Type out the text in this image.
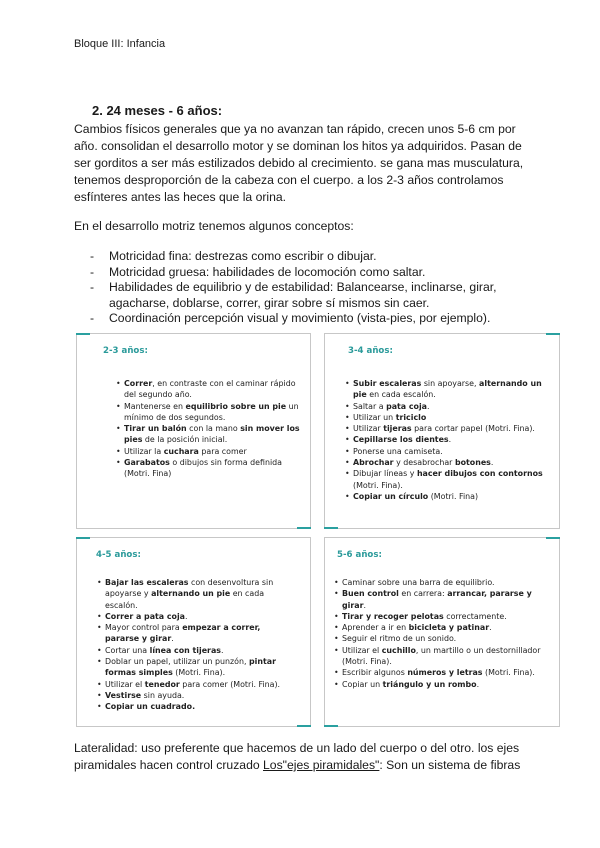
Bloque III: Infancia
2. 24 meses - 6 años:

Cambios físicos generales que ya no avanzan tan rápido, crecen unos 5-6 cm por año. consolidan el desarrollo motor y se dominan los hitos ya adquiridos. Pasan de ser gorditos a ser más estilizados debido al crecimiento. se gana mas musculatura, tenemos desproporción de la cabeza con el cuerpo. a los 2-3 años controlamos esfínteres antes las heces que la orina.

En el desarrollo motriz tenemos algunos conceptos:

- Motricidad fina: destrezas como escribir o dibujar.
- Motricidad gruesa: habilidades de locomoción como saltar.
- Habilidades de equilibrio y de estabilidad: Balancearse, inclinarse, girar, agacharse, doblarse, correr, girar sobre sí mismos sin caer.
- Coordinación percepción visual y movimiento (vista-pies, por ejemplo).
2-3 años:
• Correr, en contraste con el caminar rápido del segundo año.
• Mantenerse en equilibrio sobre un pie un mínimo de dos segundos.
• Tirar un balón con la mano sin mover los pies de la posición inicial.
• Utilizar la cuchara para comer
• Garabatos o dibujos sin forma definida (Motri. Fina)
3-4 años:
• Subir escaleras sin apoyarse, alternando un pie en cada escalón.
• Saltar a pata coja.
• Utilizar un triciclo
• Utilizar tijeras para cortar papel (Motri. Fina).
• Cepillarse los dientes.
• Ponerse una camiseta.
• Abrochar y desabrochar botones.
• Dibujar líneas y hacer dibujos con contornos (Motri. Fina).
• Copiar un círculo (Motri. Fina)
4-5 años:
• Bajar las escaleras con desenvoltura sin apoyarse y alternando un pie en cada escalón.
• Correr a pata coja.
• Mayor control para empezar a correr, pararse y girar.
• Cortar una línea con tijeras.
• Doblar un papel, utilizar un punzón, pintar formas simples (Motri. Fina).
• Utilizar el tenedor para comer (Motri. Fina).
• Vestirse sin ayuda.
• Copiar un cuadrado.
5-6 años:
• Caminar sobre una barra de equilibrio.
• Buen control en carrera: arrancar, pararse y girar.
• Tirar y recoger pelotas correctamente.
• Aprender a ir en bicicleta y patinar.
• Seguir el ritmo de un sonido.
• Utilizar el cuchillo, un martillo o un destornillador (Motri. Fina).
• Escribir algunos números y letras (Motri. Fina).
• Copiar un triángulo y un rombo.

Lateralidad: uso preferente que hacemos de un lado del cuerpo o del otro. los ejes piramidales hacen control cruzado Los"ejes piramidales": Son un sistema de fibras
